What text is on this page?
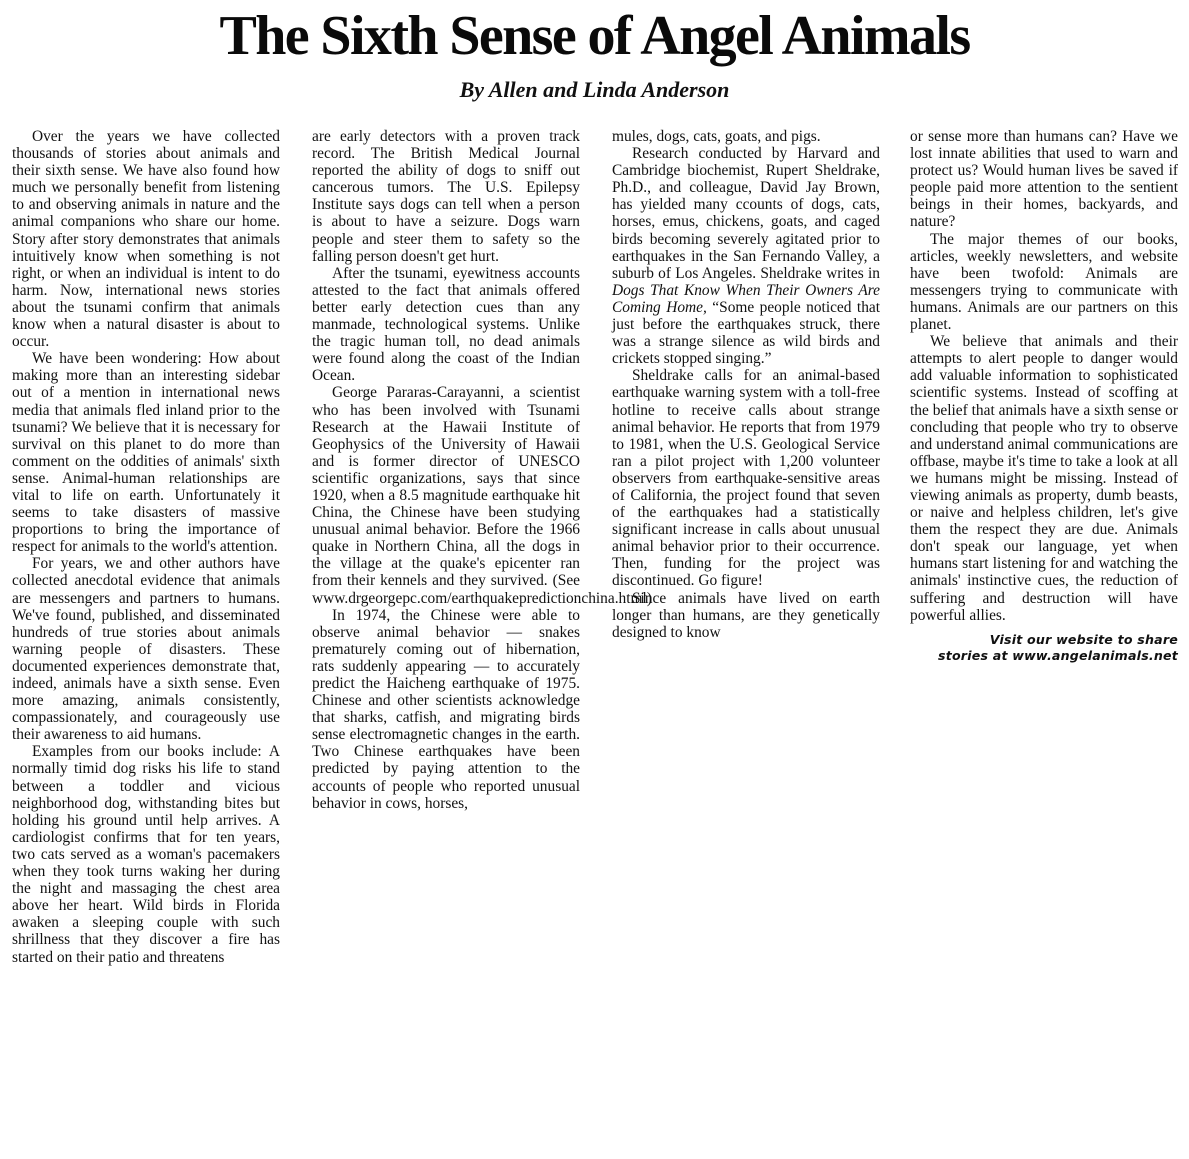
The Sixth Sense of Angel Animals
By Allen and Linda Anderson

Over the years we have collected thousands of stories about animals and their sixth sense. We have also found how much we personally benefit from listening to and observing animals in nature and the animal companions who share our home. Story after story demonstrates that animals intuitively know when something is not right, or when an individual is intent to do harm. Now, international news stories about the tsunami confirm that animals know when a natural disaster is about to occur.

We have been wondering: How about making more than an interesting sidebar out of a mention in international news media that animals fled inland prior to the tsunami? We believe that it is necessary for survival on this planet to do more than comment on the oddities of animals' sixth sense. Animal-human relationships are vital to life on earth. Unfortunately it seems to take disasters of massive proportions to bring the importance of respect for animals to the world's attention.

For years, we and other authors have collected anecdotal evidence that animals are messengers and partners to humans. We've found, published, and disseminated hundreds of true stories about animals warning people of disasters. These documented experiences demonstrate that, indeed, animals have a sixth sense. Even more amazing, animals consistently, compassionately, and courageously use their awareness to aid humans.

Examples from our books include: A normally timid dog risks his life to stand between a toddler and vicious neighborhood dog, withstanding bites but holding his ground until help arrives. A cardiologist confirms that for ten years, two cats served as a woman's pacemakers when they took turns waking her during the night and massaging the chest area above her heart. Wild birds in Florida awaken a sleeping couple with such shrillness that they discover a fire has started on their patio and threatens

are early detectors with a proven track record. The British Medical Journal reported the ability of dogs to sniff out cancerous tumors. The U.S. Epilepsy Institute says dogs can tell when a person is about to have a seizure. Dogs warn people and steer them to safety so the falling person doesn't get hurt.

After the tsunami, eyewitness accounts attested to the fact that animals offered better early detection cues than any manmade, technological systems. Unlike the tragic human toll, no dead animals were found along the coast of the Indian Ocean.

George Pararas-Carayanni, a scientist who has been involved with Tsunami Research at the Hawaii Institute of Geophysics of the University of Hawaii and is former director of UNESCO scientific organizations, says that since 1920, when a 8.5 magnitude earthquake hit China, the Chinese have been studying unusual animal behavior. Before the 1966 quake in Northern China, all the dogs in the village at the quake's epicenter ran from their kennels and they survived. (See www.drgeorgepc.com/earthquakepredictionchina.html)

In 1974, the Chinese were able to observe animal behavior — snakes prematurely coming out of hibernation, rats suddenly appearing — to accurately predict the Haicheng earthquake of 1975. Chinese and other scientists acknowledge that sharks, catfish, and migrating birds sense electromagnetic changes in the earth. Two Chinese earthquakes have been predicted by paying attention to the accounts of people who reported unusual behavior in cows, horses,

mules, dogs, cats, goats, and pigs.

Research conducted by Harvard and Cambridge biochemist, Rupert Sheldrake, Ph.D., and colleague, David Jay Brown, has yielded many ccounts of dogs, cats, horses, emus, chickens, goats, and caged birds becoming severely agitated prior to earthquakes in the San Fernando Valley, a suburb of Los Angeles. Sheldrake writes in Dogs That Know When Their Owners Are Coming Home, “Some people noticed that just before the earthquakes struck, there was a strange silence as wild birds and crickets stopped singing.”

Sheldrake calls for an animal-based earthquake warning system with a toll-free hotline to receive calls about strange animal behavior. He reports that from 1979 to 1981, when the U.S. Geological Service ran a pilot project with 1,200 volunteer observers from earthquake-sensitive areas of California, the project found that seven of the earthquakes had a statistically significant increase in calls about unusual animal behavior prior to their occurrence. Then, funding for the project was discontinued. Go figure!

Since animals have lived on earth longer than humans, are they genetically designed to know

or sense more than humans can? Have we lost innate abilities that used to warn and protect us? Would human lives be saved if people paid more attention to the sentient beings in their homes, backyards, and nature?

The major themes of our books, articles, weekly newsletters, and website have been twofold: Animals are messengers trying to communicate with humans. Animals are our partners on this planet.

We believe that animals and their attempts to alert people to danger would add valuable information to sophisticated scientific systems. Instead of scoffing at the belief that animals have a sixth sense or concluding that people who try to observe and understand animal communications are offbase, maybe it's time to take a look at all we humans might be missing. Instead of viewing animals as property, dumb beasts, or naive and helpless children, let's give them the respect they are due. Animals don't speak our language, yet when humans start listening for and watching the animals' instinctive cues, the reduction of suffering and destruction will have powerful allies.

Visit our website to share
stories at www.angelanimals.net
